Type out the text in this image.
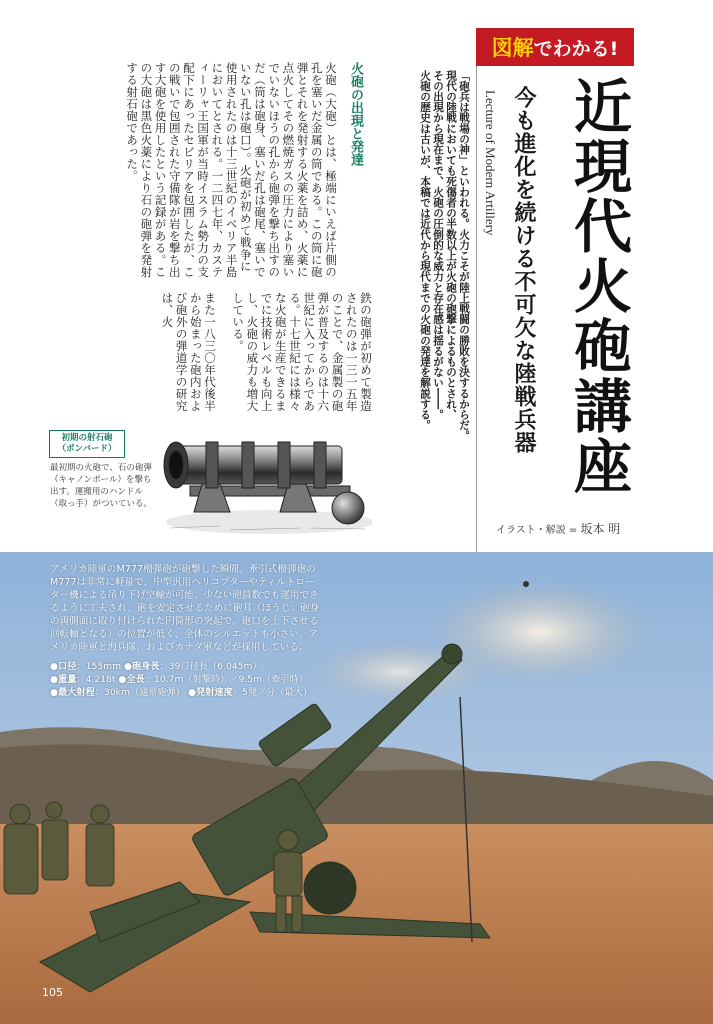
図解 でわかる!
近現代火砲講座
今も進化を続ける不可欠な陸戦兵器
Lecture of Modern Artillery
イラスト・解説 = 坂本 明

「砲兵は戦場の神」といわれる。火力こそが陸上戦闘の勝敗を決するからだ。

現代の陸戦においても死傷者の半数以上が火砲の砲撃によるものとされ、

その出現から現在まで、火砲の圧倒的な威力と存在感は揺るがない――。

火砲の歴史は古いが、本稿では近代から現代までの火砲の発達を解説する。

火砲の出現と発達
火砲（大砲）とは、極端にいえば片側の孔を塞いだ金属の筒である。この筒に砲弾とそれを発射する火薬を詰め、火薬に点火してその燃焼ガスの圧力により塞いでいないほうの孔から砲弾を撃ち出すのだ（筒は砲身、塞いだ孔は砲尾、塞いでいない孔は砲口）。火砲が初めて戦争に使用されたのは十三世紀のイベリア半島においてとされる。一二四七年、カスティーリャ王国軍が当時イスラム勢力の支配下にあったセビリアを包囲したが、この戦いで包囲された守備隊が岩を撃ち出す大砲を使用したという記録がある。この大砲は黒色火薬により石の砲弾を発射する射石砲であった。
鉄の砲弾が初めて製造されたのは一三一五年のことで、金属製の砲弾が普及するのは十六世紀に入ってからである。十七世紀には様々な火砲が生産できるまでに技術レベルも向上し、火砲の威力も増大している。
また一八三〇年代後半から始まった砲内および砲外の弾道学の研究は、火
初期の射石砲
（ボンバード）
最初期の火砲で、石の砲弾（キャノンボール）を撃ち出す。運搬用のハンドル（取っ手）がついている。

アメリカ陸軍のM777榴弾砲が砲撃した瞬間。牽引式榴弾砲のM777は非常に軽量で、中型汎用ヘリコプターやティルトローター機による吊り下げ空輸が可能。少ない砲員数でも運用できるように工夫され、砲を安定させるために砲耳（ほうじ：砲身の両側面に取り付けられた円筒形の突起で、砲口を上下させる回転軸となる）の位置が低く、全体のシルエットも小さい。アメリカ陸軍と海兵隊、およびカナダ軍などが採用している。

●口径：155mm ●砲身長：39口径長（6.045m）
●重量：4.218t ●全長：10.7m（射撃時）／9.5m（牽引時）
●最大射程：30km（通常砲弾） ●発射速度：5発／分（最大）
105
